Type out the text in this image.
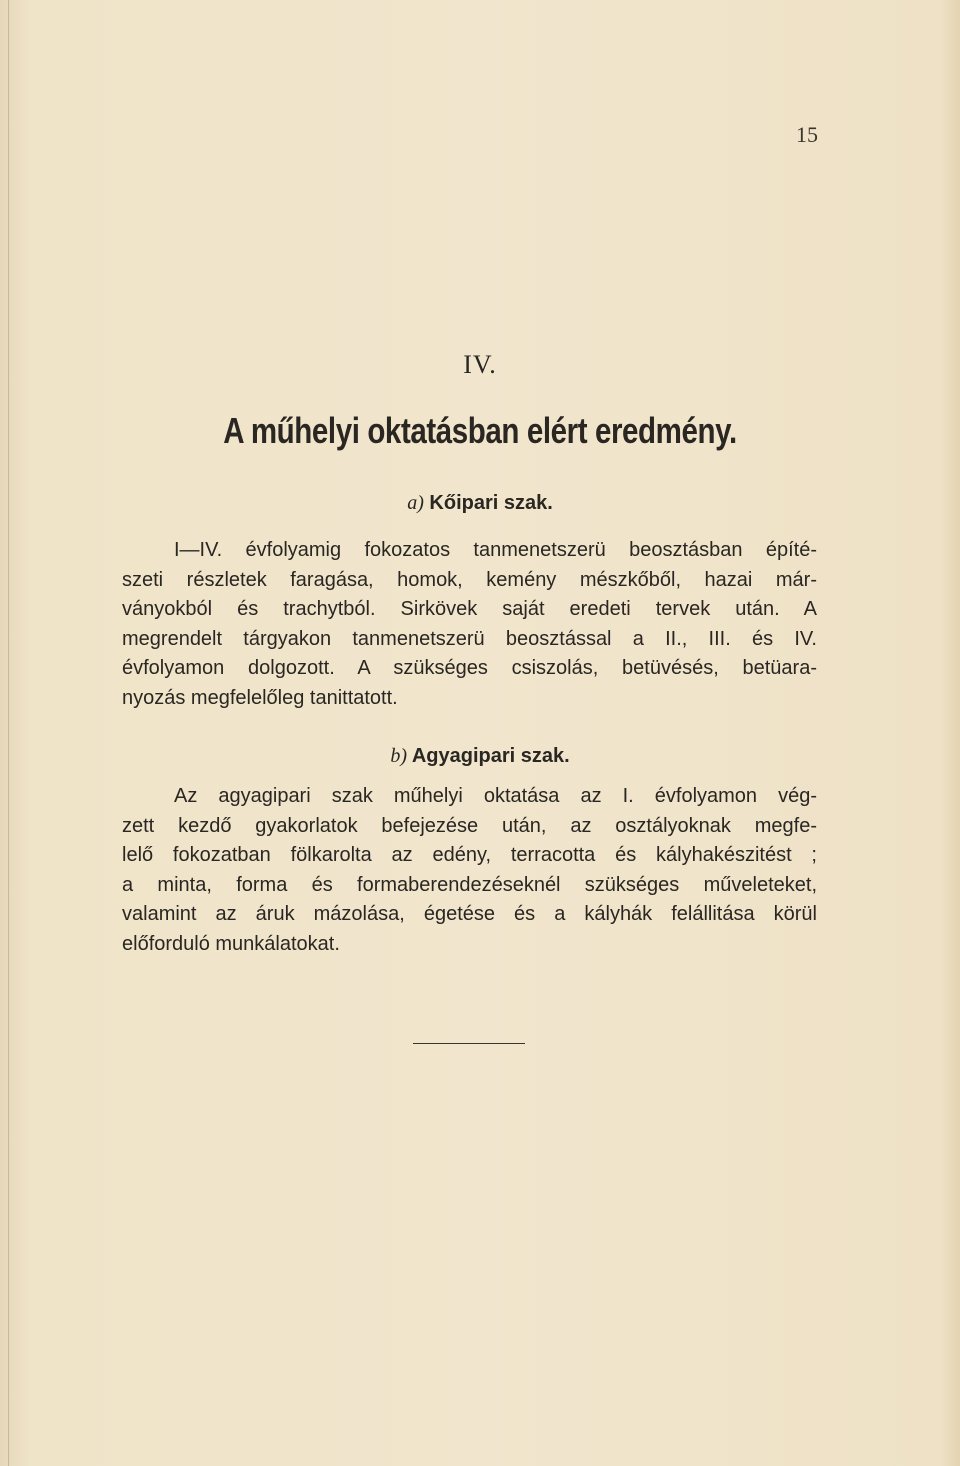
15
IV.
A műhelyi oktatásban elért eredmény.
a) Kőipari szak.

I—IV. évfolyamig fokozatos tanmenetszerü beosztásban építé-
szeti részletek faragása, homok, kemény mészkőből, hazai már-
ványokból és trachytból. Sirkövek saját eredeti tervek után. A
megrendelt tárgyakon tanmenetszerü beosztással a II., III. és IV.
évfolyamon dolgozott. A szükséges csiszolás, betüvésés, betüara-
nyozás megfelelőleg tanittatott.

b) Agyagipari szak.

Az agyagipari szak műhelyi oktatása az I. évfolyamon vég-
zett kezdő gyakorlatok befejezése után, az osztályoknak megfe-
lelő fokozatban fölkarolta az edény, terracotta és kályhakészitést ;
a minta, forma és formaberendezéseknél szükséges műveleteket,
valamint az áruk mázolása, égetése és a kályhák felállitása körül
előforduló munkálatokat.
